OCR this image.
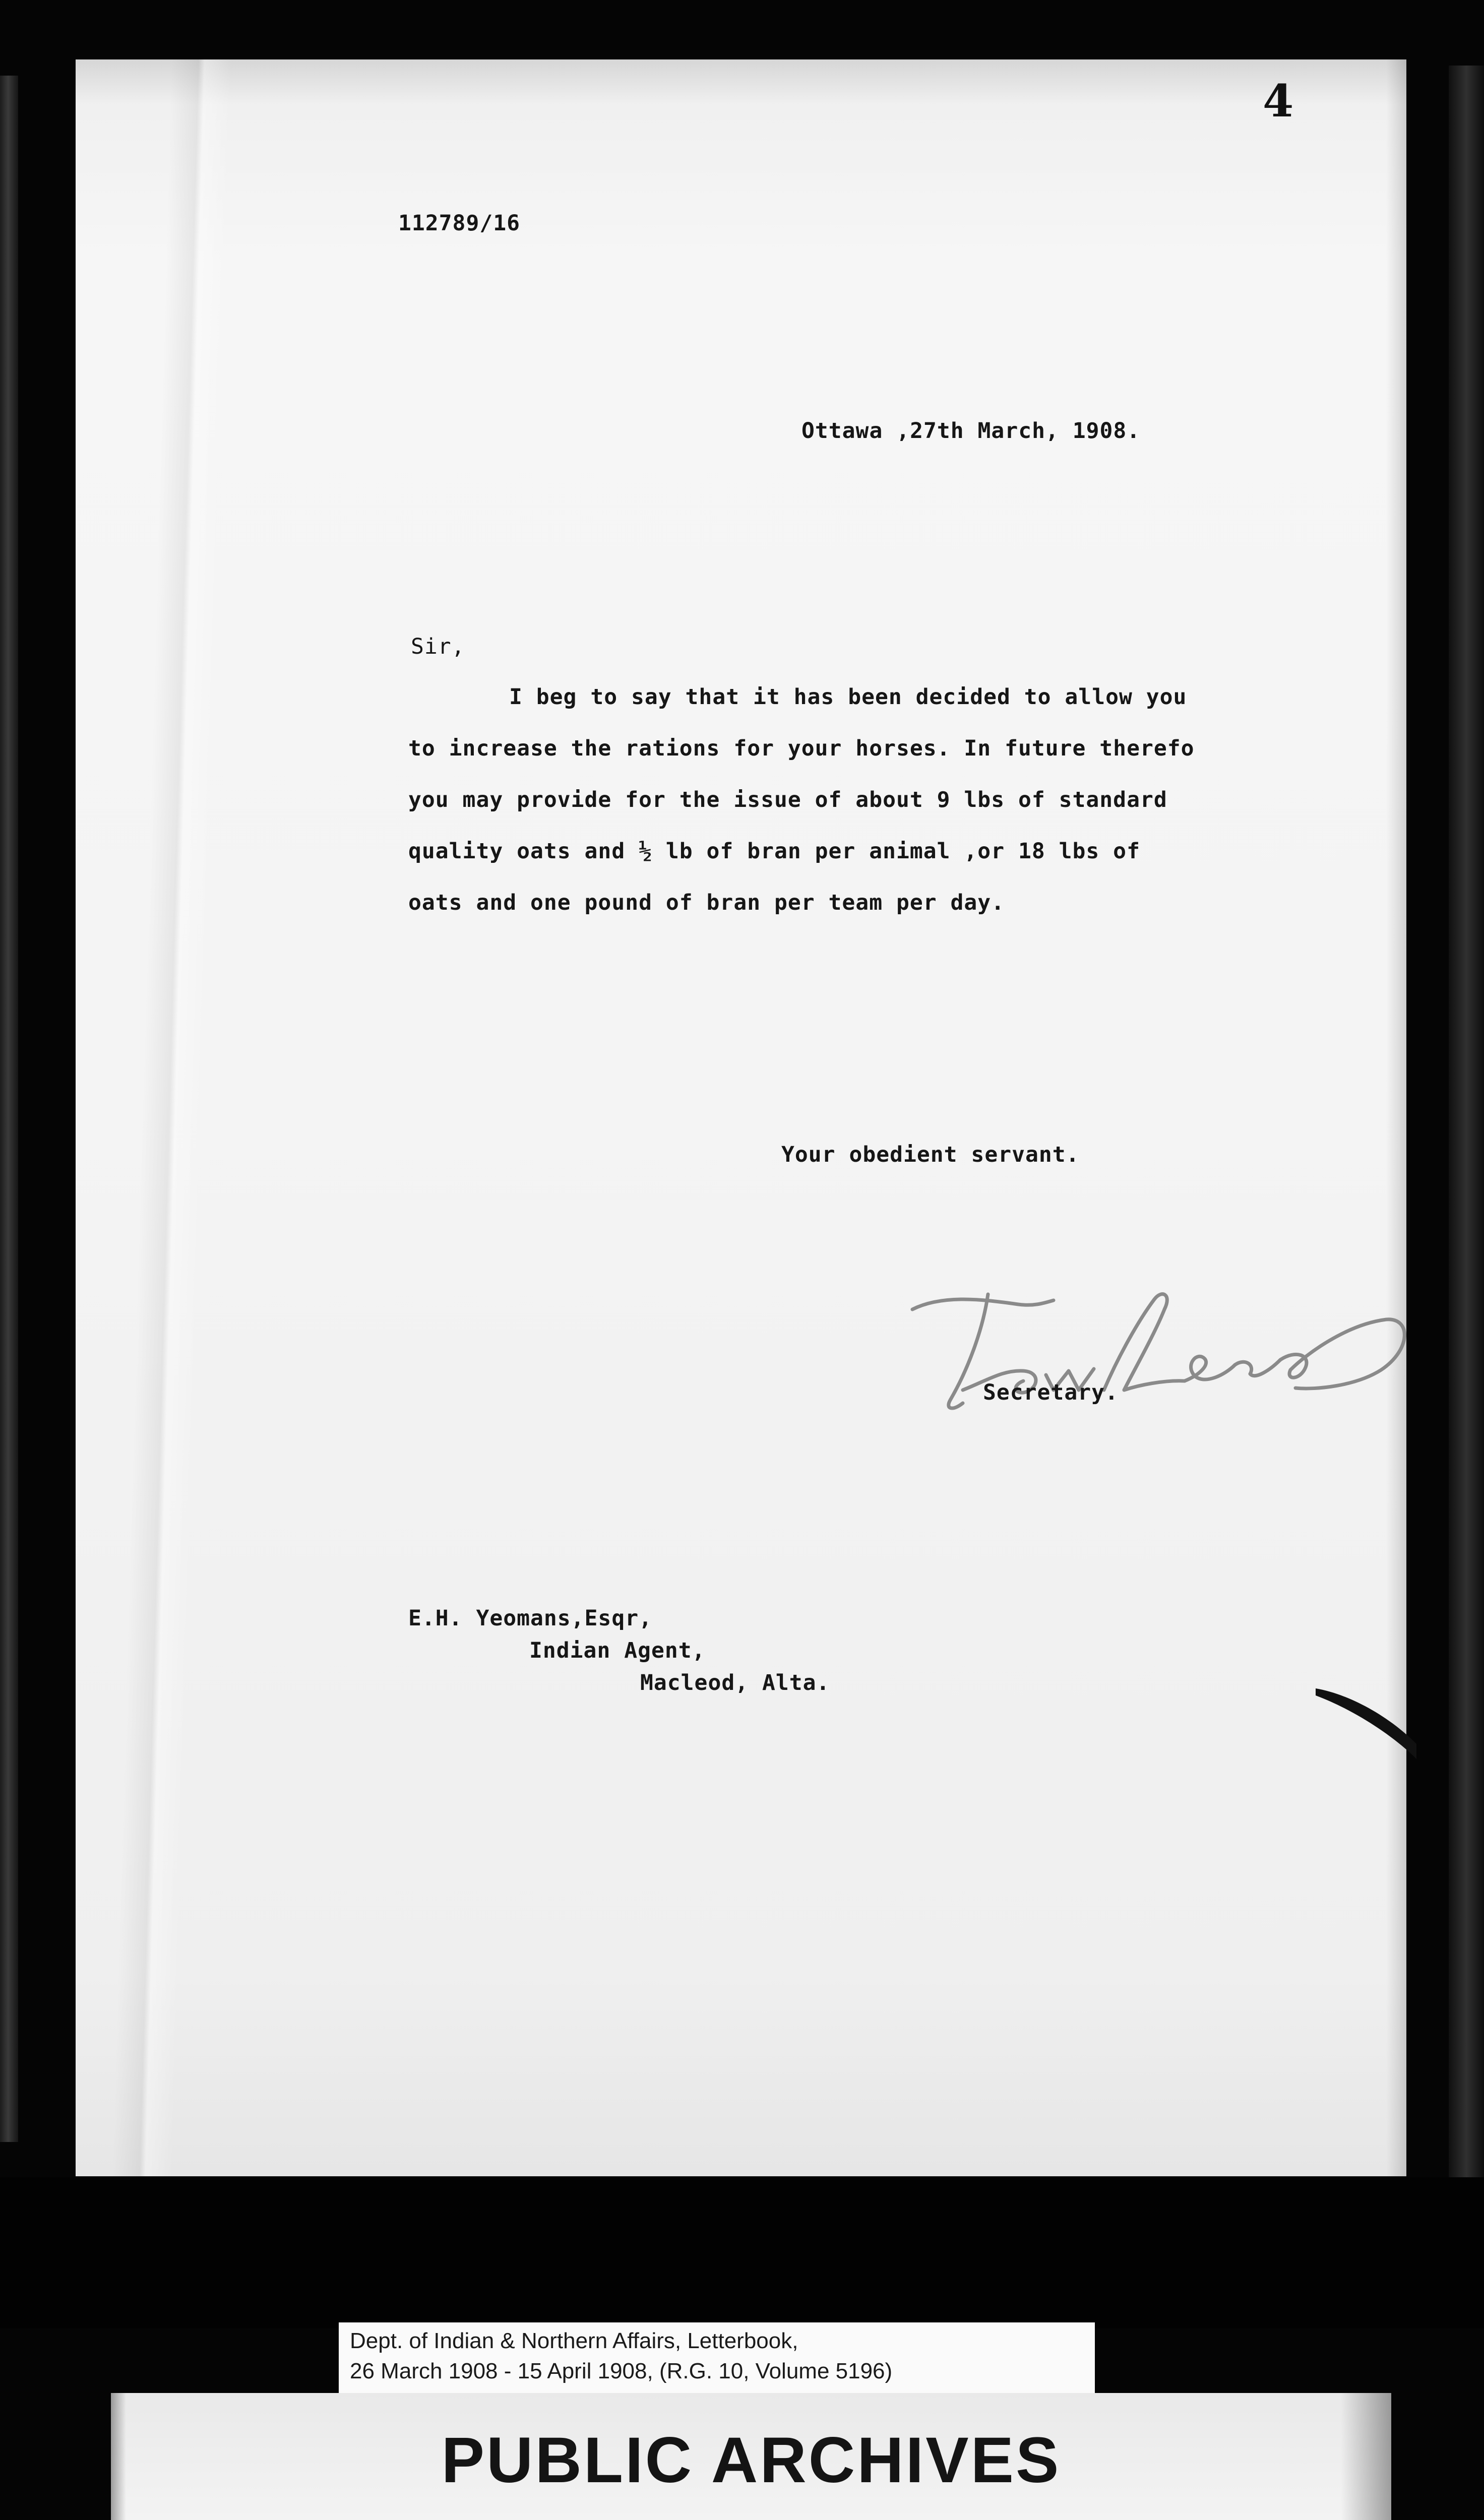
4
112789/16
Ottawa ,27th March, 1908.
Sir,
I beg to say that it has been decided to allow you
to increase the rations for your horses. In future therefo
you may provide for the issue of about 9 lbs of standard
quality oats and ½ lb of bran per animal ,or 18 lbs of
oats and one pound of bran per team per day.
Your obedient servant.
Secretary.
E.H. Yeomans,Esqr,
Indian Agent,
Macleod, Alta.
Dept. of Indian & Northern Affairs, Letterbook,
26 March 1908 - 15 April 1908, (R.G. 10, Volume 5196)
PUBLIC ARCHIVES
